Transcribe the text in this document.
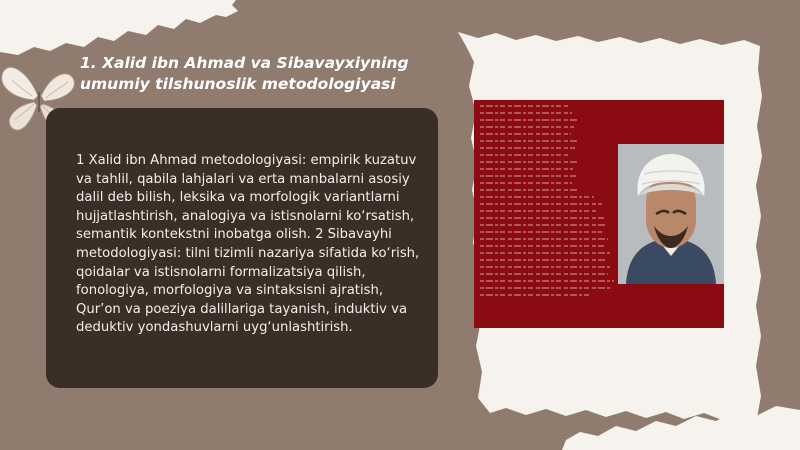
1. Xalid ibn Ahmad va Sibavayxiyning umumiy tilshunoslik metodologiyasi

1 Xalid ibn Ahmad metodologiyasi: empirik kuzatuv va tahlil, qabila lahjalari va erta manbalarni asosiy dalil deb bilish, leksika va morfologik variantlarni hujjatlashtirish, analogiya va istisnolarni ko‘rsatish, semantik kontekstni inobatga olish. 2 Sibavayhi metodologiyasi: tilni tizimli nazariya sifatida ko‘rish, qoidalar va istisnolarni formalizatsiya qilish, fonologiya, morfologiya va sintaksisni ajratish, Qur’on va poeziya dalillariga tayanish, induktiv va deduktiv yondashuvlarni uyg‘unlashtirish.
